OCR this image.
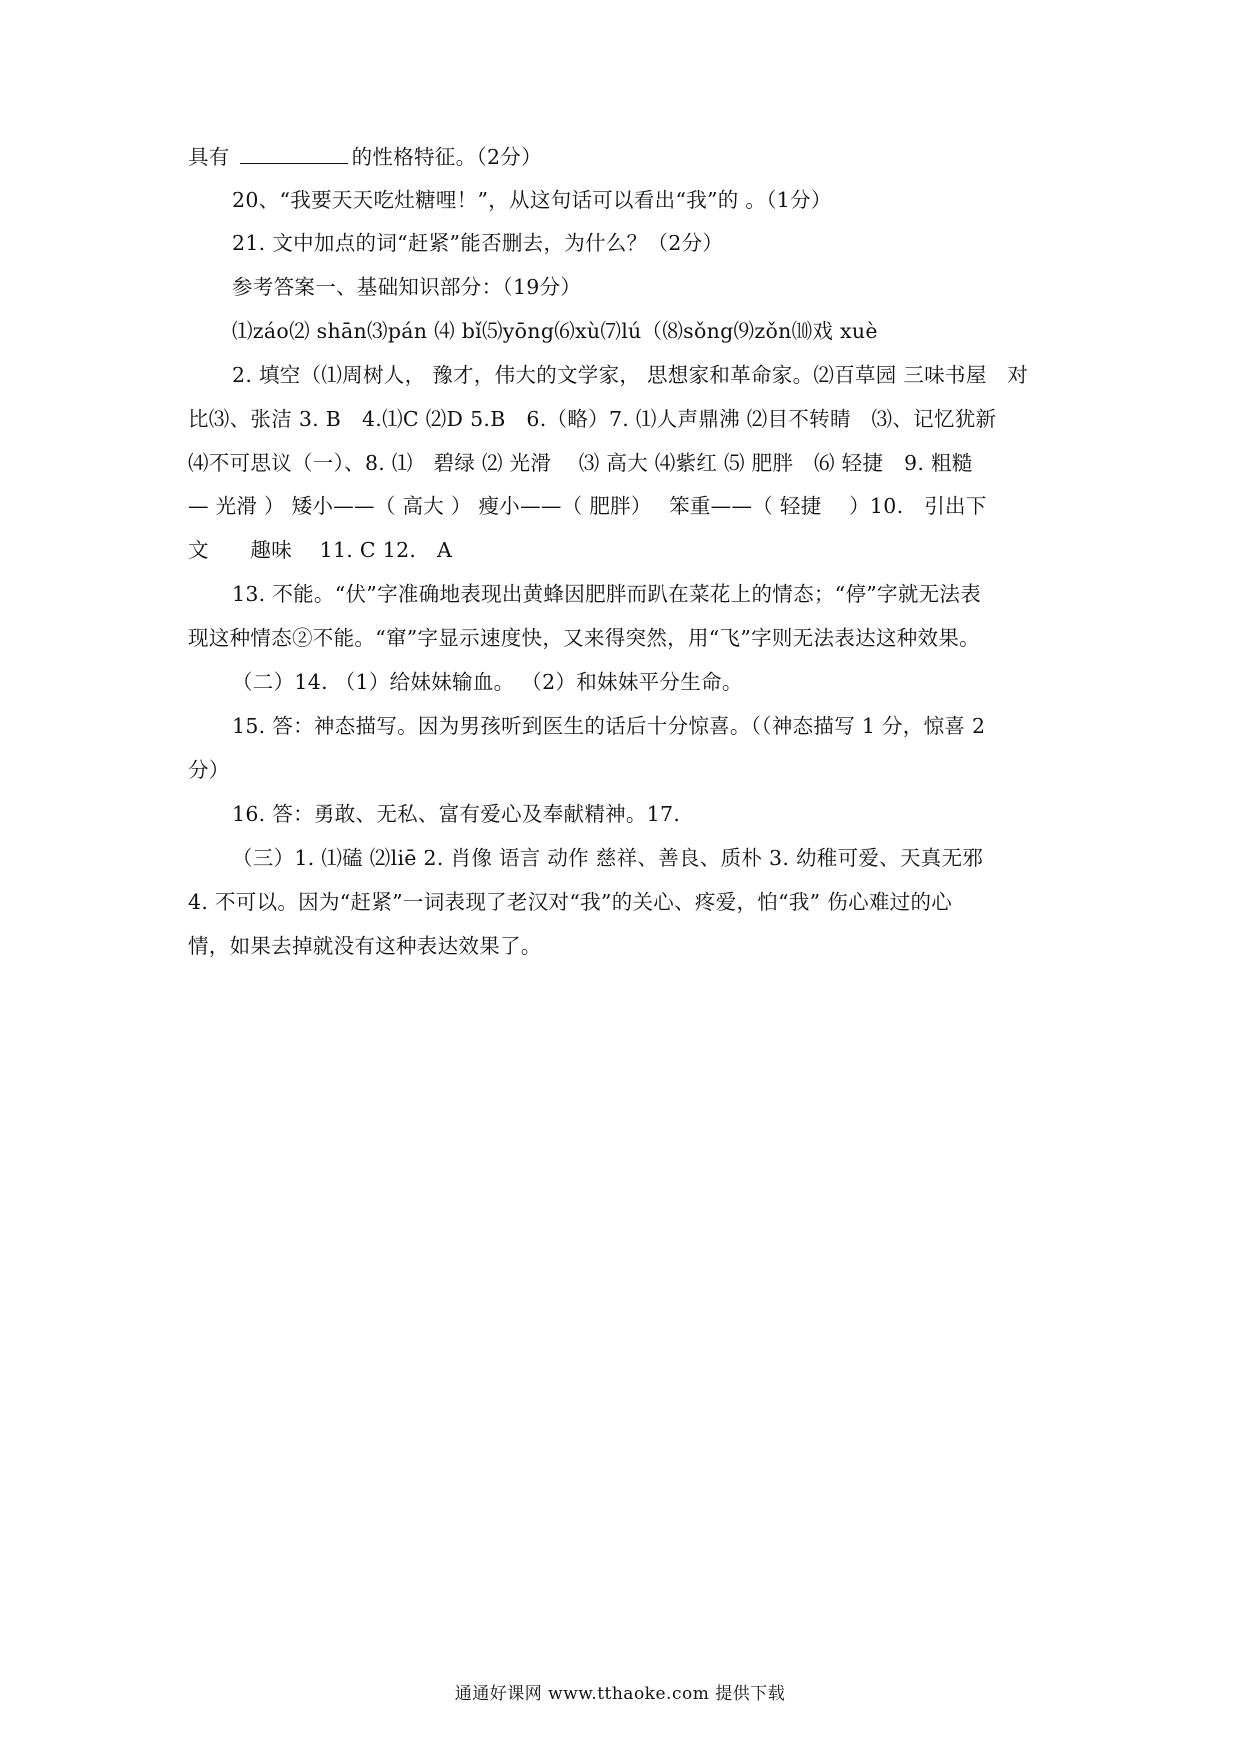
具有	的性格特征。（2分）
20、“我要天天吃灶糖哩！”，从这句话可以看出“我”的 。（1分）
21. 文中加点的词“赶紧”能否删去，为什么？（2分）
参考答案一、基础知识部分：（19分）
⑴záo⑵ shān⑶pán ⑷ bǐ⑸yōng⑹xù⑺lú（⑻sǒng⑼zǒn⑽戏 xuè
2. 填空（⑴周树人， 豫才，伟大的文学家， 思想家和革命家。⑵百草园 三味书屋　对
比⑶、张洁 3. B　4.⑴C ⑵D 5.B　6.（略）7. ⑴人声鼎沸 ⑵目不转睛　⑶、记忆犹新
⑷不可思议（一）、8. ⑴　碧绿 ⑵ 光滑　 ⑶ 高大 ⑷紫红 ⑸ 肥胖　⑹ 轻捷　9. 粗糙
— 光滑 ） 矮小——（ 高大 ） 瘦小——（ 肥胖）　 笨重——（ 轻捷　 ）10.　引出下
文　　趣味　 11. C 12.　A
13. 不能。“伏”字准确地表现出黄蜂因肥胖而趴在菜花上的情态；“停”字就无法表
现这种情态②不能。“窜”字显示速度快，又来得突然，用“飞”字则无法表达这种效果。
（二）14. （1）给妹妹输血。 （2）和妹妹平分生命。
15. 答：神态描写。因为男孩听到医生的话后十分惊喜。（（神态描写 1 分，惊喜 2
分）
16. 答：勇敢、无私、富有爱心及奉献精神。17.
（三）1. ⑴磕 ⑵liē 2. 肖像 语言 动作 慈祥、善良、质朴 3. 幼稚可爱、天真无邪
4. 不可以。因为“赶紧”一词表现了老汉对“我”的关心、疼爱，怕“我” 伤心难过的心
情，如果去掉就没有这种表达效果了。
通通好课网 www.tthaoke.com 提供下载
